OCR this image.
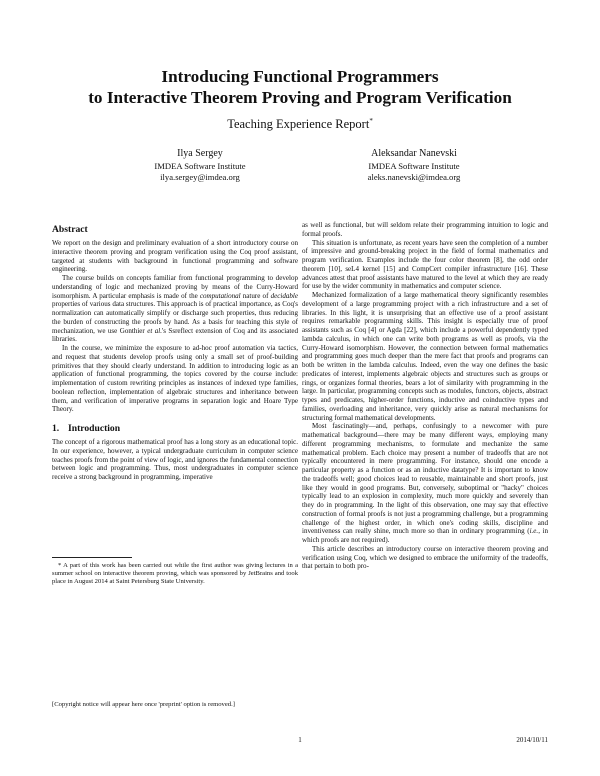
Introducing Functional Programmers
to Interactive Theorem Proving and Program Verification
Teaching Experience Report*
Ilya Sergey
IMDEA Software Institute
ilya.sergey@imdea.org
Aleksandar Nanevski
IMDEA Software Institute
aleks.nanevski@imdea.org
Abstract

We report on the design and preliminary evaluation of a short introductory course on interactive theorem proving and program verification using the Coq proof assistant, targeted at students with background in functional programming and software engineering.

The course builds on concepts familiar from functional programming to develop understanding of logic and mechanized proving by means of the Curry-Howard isomorphism. A particular emphasis is made of the computational nature of decidable properties of various data structures. This approach is of practical importance, as Coq's normalization can automatically simplify or discharge such properties, thus reducing the burden of constructing the proofs by hand. As a basis for teaching this style of mechanization, we use Gonthier et al.'s Ssreflect extension of Coq and its associated libraries.

In the course, we minimize the exposure to ad-hoc proof automation via tactics, and request that students develop proofs using only a small set of proof-building primitives that they should clearly understand. In addition to introducing logic as an application of functional programming, the topics covered by the course include: implementation of custom rewriting principles as instances of indexed type families, boolean reflection, implementation of algebraic structures and inheritance between them, and verification of imperative programs in separation logic and Hoare Type Theory.

1. Introduction

The concept of a rigorous mathematical proof has a long story as an educational topic. In our experience, however, a typical undergraduate curriculum in computer science teaches proofs from the point of view of logic, and ignores the fundamental connection between logic and programming. Thus, most undergraduates in computer science receive a strong background in programming, imperative

* A part of this work has been carried out while the first author was giving lectures in a summer school on interactive theorem proving, which was sponsored by JetBrains and took place in August 2014 at Saint Petersburg State University.

[Copyright notice will appear here once 'preprint' option is removed.]

as well as functional, but will seldom relate their programming intuition to logic and formal proofs.

This situation is unfortunate, as recent years have seen the completion of a number of impressive and ground-breaking project in the field of formal mathematics and program verification. Examples include the four color theorem [8], the odd order theorem [10], seL4 kernel [15] and CompCert compiler infrastructure [16]. These advances attest that proof assistants have matured to the level at which they are ready for use by the wider community in mathematics and computer science.

Mechanized formalization of a large mathematical theory significantly resembles development of a large programming project with a rich infrastructure and a set of libraries. In this light, it is unsurprising that an effective use of a proof assistant requires remarkable programming skills. This insight is especially true of proof assistants such as Coq [4] or Agda [22], which include a powerful dependently typed lambda calculus, in which one can write both programs as well as proofs, via the Curry-Howard isomorphism. However, the connection between formal mathematics and programming goes much deeper than the mere fact that proofs and programs can both be written in the lambda calculus. Indeed, even the way one defines the basic predicates of interest, implements algebraic objects and structures such as groups or rings, or organizes formal theories, bears a lot of similarity with programming in the large. In particular, programming concepts such as modules, functors, objects, abstract types and predicates, higher-order functions, inductive and coinductive types and families, overloading and inheritance, very quickly arise as natural mechanisms for structuring formal mathematical developments.

Most fascinatingly—and, perhaps, confusingly to a newcomer with pure mathematical background—there may be many different ways, employing many different programming mechanisms, to formulate and mechanize the same mathematical problem. Each choice may present a number of tradeoffs that are not typically encountered in mere programming. For instance, should one encode a particular property as a function or as an inductive datatype? It is important to know the tradeoffs well; good choices lead to reusable, maintainable and short proofs, just like they would in good programs. But, conversely, suboptimal or "hacky" choices typically lead to an explosion in complexity, much more quickly and severely than they do in programming. In the light of this observation, one may say that effective construction of formal proofs is not just a programming challenge, but a programming challenge of the highest order, in which one's coding skills, discipline and inventiveness can really shine, much more so than in ordinary programming (i.e., in which proofs are not required).

This article describes an introductory course on interactive theorem proving and verification using Coq, which we designed to embrace the uniformity of the tradeoffs, that pertain to both pro-

1	2014/10/11
